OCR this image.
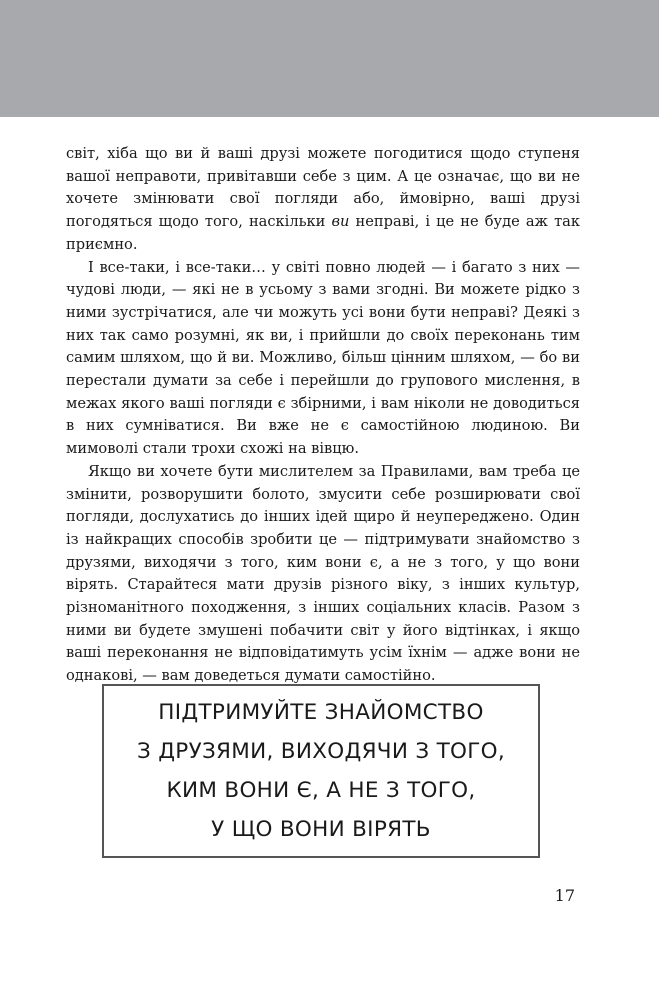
світ, хіба що ви й ваші друзі можете погодитися щодо ступеня вашої неправоти, привітавши себе з цим. А це означає, що ви не хочете змінювати свої погляди або, ймовірно, ваші друзі погодяться щодо того, наскільки ви неправі, і це не буде аж так приємно.

І все-таки, і все-таки… у світі повно людей — і багато з них — чудові люди, — які не в усьому з вами згодні. Ви можете рідко з ними зустрічатися, але чи можуть усі вони бути неправі? Деякі з них так само розумні, як ви, і прийшли до своїх переконань тим самим шляхом, що й ви. Можливо, більш цінним шляхом, — бо ви перестали думати за себе і перейшли до групового мислення, в межах якого ваші погляди є збірними, і вам ніколи не доводиться в них сумніватися. Ви вже не є самостійною людиною. Ви мимоволі стали трохи схожі на вівцю.

Якщо ви хочете бути мислителем за Правилами, вам треба це змінити, розворушити болото, змусити себе розширювати свої погляди, дослухатись до інших ідей щиро й неупереджено. Один із найкращих способів зробити це — підтримувати знайомство з друзями, виходячи з того, ким вони є, а не з того, у що вони вірять. Старайтеся мати друзів різного віку, з інших культур, різноманітного походження, з інших соціальних класів. Разом з ними ви будете змушені побачити світ у його відтінках, і якщо ваші переконання не відповідатимуть усім їхнім — адже вони не однакові, — вам доведеться думати самостійно.

ПІДТРИМУЙТЕ ЗНАЙОМСТВО
З ДРУЗЯМИ, ВИХОДЯЧИ З ТОГО,
КИМ ВОНИ Є, А НЕ З ТОГО,
У ЩО ВОНИ ВІРЯТЬ
17
